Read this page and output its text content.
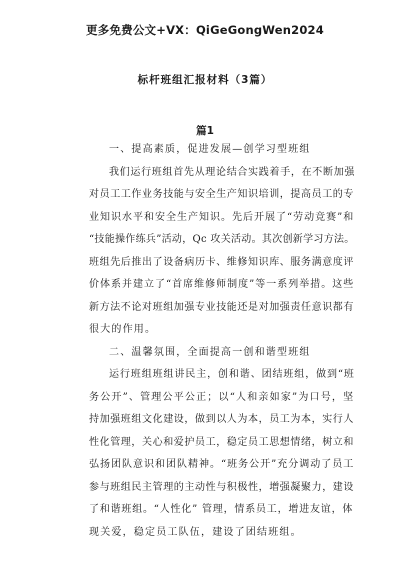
更多免费公文+VX：QiGeGongWen2024
标杆班组汇报材料（3篇）
篇1
一、提高素质，促进发展—创学习型班组
我们运行班组首先从理论结合实践着手，在不断加强
对员工工作业务技能与安全生产知识培训，提高员工的专
业知识水平和安全生产知识。先后开展了“劳动竞赛”和
“技能操作练兵”活动，Qc 攻关活动。其次创新学习方法。
班组先后推出了设备病历卡、维修知识库、服务满意度评
价体系并建立了“首席维修师制度”等一系列举措。这些
新方法不论对班组加强专业技能还是对加强责任意识都有
很大的作用。
二、温馨氛围，全面提高一创和谐型班组
运行班组班组讲民主，创和谐、团结班组，做到“班
务公开”、管理公平公正；以“人和亲如家”为口号，坚
持加强班组文化建设，做到以人为本，员工为本，实行人
性化管理，关心和爱护员工，稳定员工思想情绪，树立和
弘扬团队意识和团队精神。“班务公开”充分调动了员工
参与班组民主管理的主动性与积极性，增强凝聚力，建设
了和谐班组。“人性化” 管理，情系员工，增进友谊，体
现关爱，稳定员工队伍，建设了团结班组。
